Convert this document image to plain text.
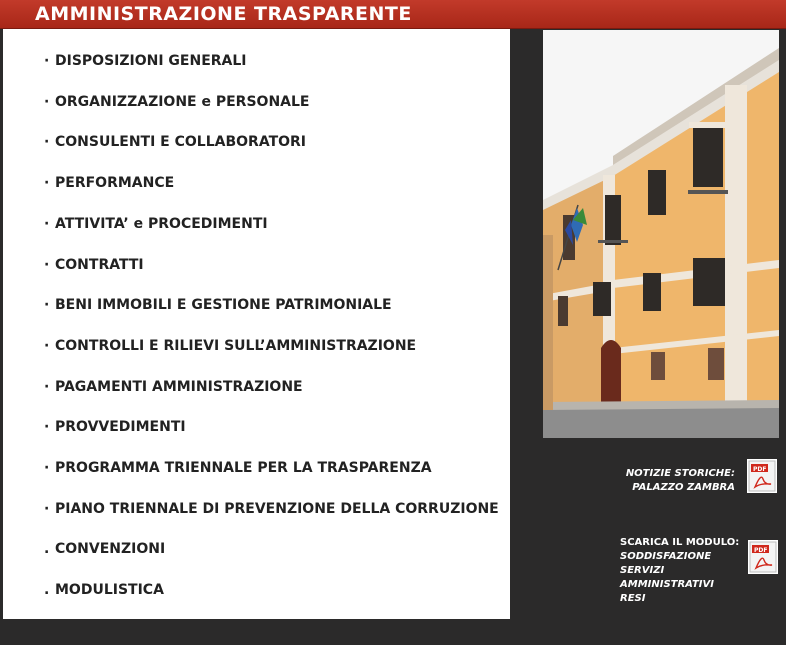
AMMINISTRAZIONE TRASPARENTE
· DISPOSIZIONI GENERALI
· ORGANIZZAZIONE e PERSONALE
· CONSULENTI E COLLABORATORI
· PERFORMANCE
· ATTIVITA’ e PROCEDIMENTI
· CONTRATTI
· BENI IMMOBILI E GESTIONE PATRIMONIALE
· CONTROLLI E RILIEVI SULL’AMMINISTRAZIONE
· PAGAMENTI AMMINISTRAZIONE
· PROVVEDIMENTI
· PROGRAMMA TRIENNALE PER LA TRASPARENZA
· PIANO TRIENNALE DI PREVENZIONE DELLA CORRUZIONE
. CONVENZIONI
. MODULISTICA
NOTIZIE STORICHE:
PALAZZO ZAMBRA
PDF
SCARICA IL MODULO:
SODDISFAZIONE SERVIZI
AMMINISTRATIVI RESI
PDF
